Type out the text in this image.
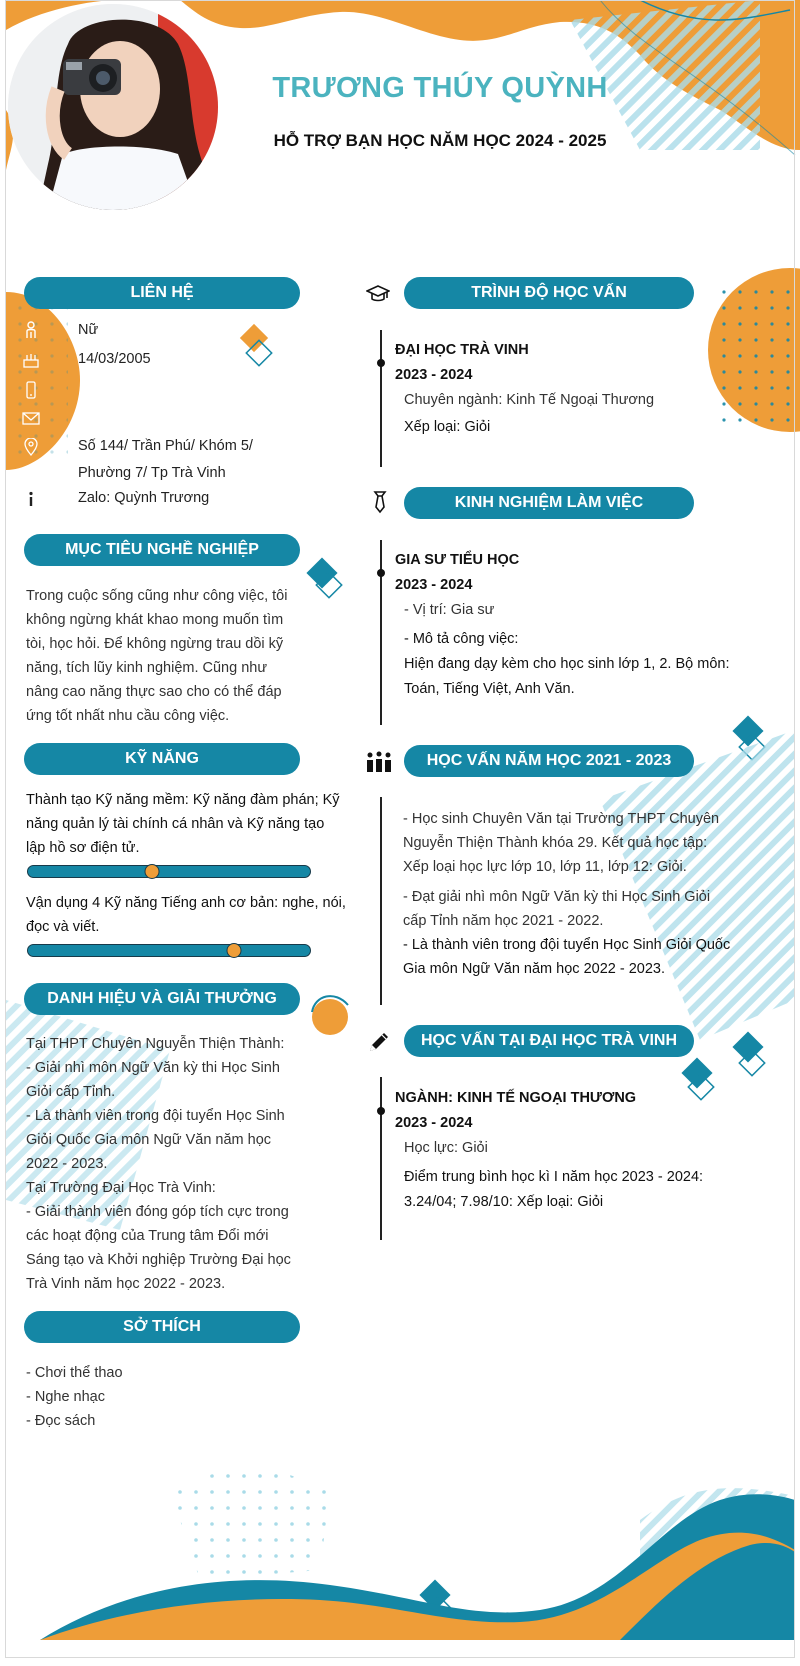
TRƯƠNG THÚY QUỲNH
HỖ TRỢ BẠN HỌC NĂM HỌC 2024 - 2025
LIÊN HỆ
Nữ
14/03/2005
Số 144/ Trần Phú/ Khóm 5/
Phường 7/ Tp Trà Vinh
Zalo: Quỳnh Trương
MỤC TIÊU NGHỀ NGHIỆP
Trong cuộc sống cũng như công việc, tôi
không ngừng khát khao mong muốn tìm
tòi, học hỏi. Để không ngừng trau dồi kỹ
năng, tích lũy kinh nghiệm. Cũng như
nâng cao năng thực sao cho có thể đáp
ứng tốt nhất nhu cầu công việc.
KỸ NĂNG
Thành tạo Kỹ năng mềm: Kỹ năng đàm phán; Kỹ
năng quản lý tài chính cá nhân và Kỹ năng tạo
lập hồ sơ điện tử.
Vận dụng 4 Kỹ năng Tiếng anh cơ bản: nghe, nói,
đọc và viết.
DANH HIỆU VÀ GIẢI THƯỞNG
Tại THPT Chuyên Nguyễn Thiện Thành:
- Giải nhì môn Ngữ Văn kỳ thi Học Sinh
Giỏi cấp Tỉnh.
- Là thành viên trong đội tuyển Học Sinh
Giỏi Quốc Gia môn Ngữ Văn năm học
2022 - 2023.
Tại Trường Đại Học Trà Vinh:
- Giải thành viên đóng góp tích cực trong
các hoạt động của Trung tâm Đổi mới
Sáng tạo và Khởi nghiệp Trường Đại học
Trà Vinh năm học 2022 - 2023.
SỞ THÍCH
- Chơi thể thao
- Nghe nhạc
- Đọc sách
TRÌNH ĐỘ HỌC VẤN
ĐẠI HỌC TRÀ VINH
2023 - 2024
Chuyên ngành: Kinh Tế Ngoại Thương
Xếp loại: Giỏi
KINH NGHIỆM LÀM VIỆC
GIA SƯ TIỂU HỌC
2023 - 2024
- Vị trí: Gia sư
- Mô tả công việc:
Hiện đang dạy kèm cho học sinh lớp 1, 2. Bộ môn:
Toán, Tiếng Việt, Anh Văn.
HỌC VẤN NĂM HỌC 2021 - 2023
- Học sinh Chuyên Văn tại Trường THPT Chuyên
Nguyễn Thiện Thành khóa 29. Kết quả học tập:
Xếp loại học lực lớp 10, lớp 11, lớp 12: Giỏi.
- Đạt giải nhì môn Ngữ Văn kỳ thi Học Sinh Giỏi
cấp Tỉnh năm học 2021 - 2022.
- Là thành viên trong đội tuyển Học Sinh Giỏi Quốc
Gia môn Ngữ Văn năm học 2022 - 2023.
HỌC VẤN TẠI ĐẠI HỌC TRÀ VINH
NGÀNH: KINH TẾ NGOẠI THƯƠNG
2023 - 2024
Học lực: Giỏi
Điểm trung bình học kì I năm học 2023 - 2024:
3.24/04; 7.98/10: Xếp loại: Giỏi
